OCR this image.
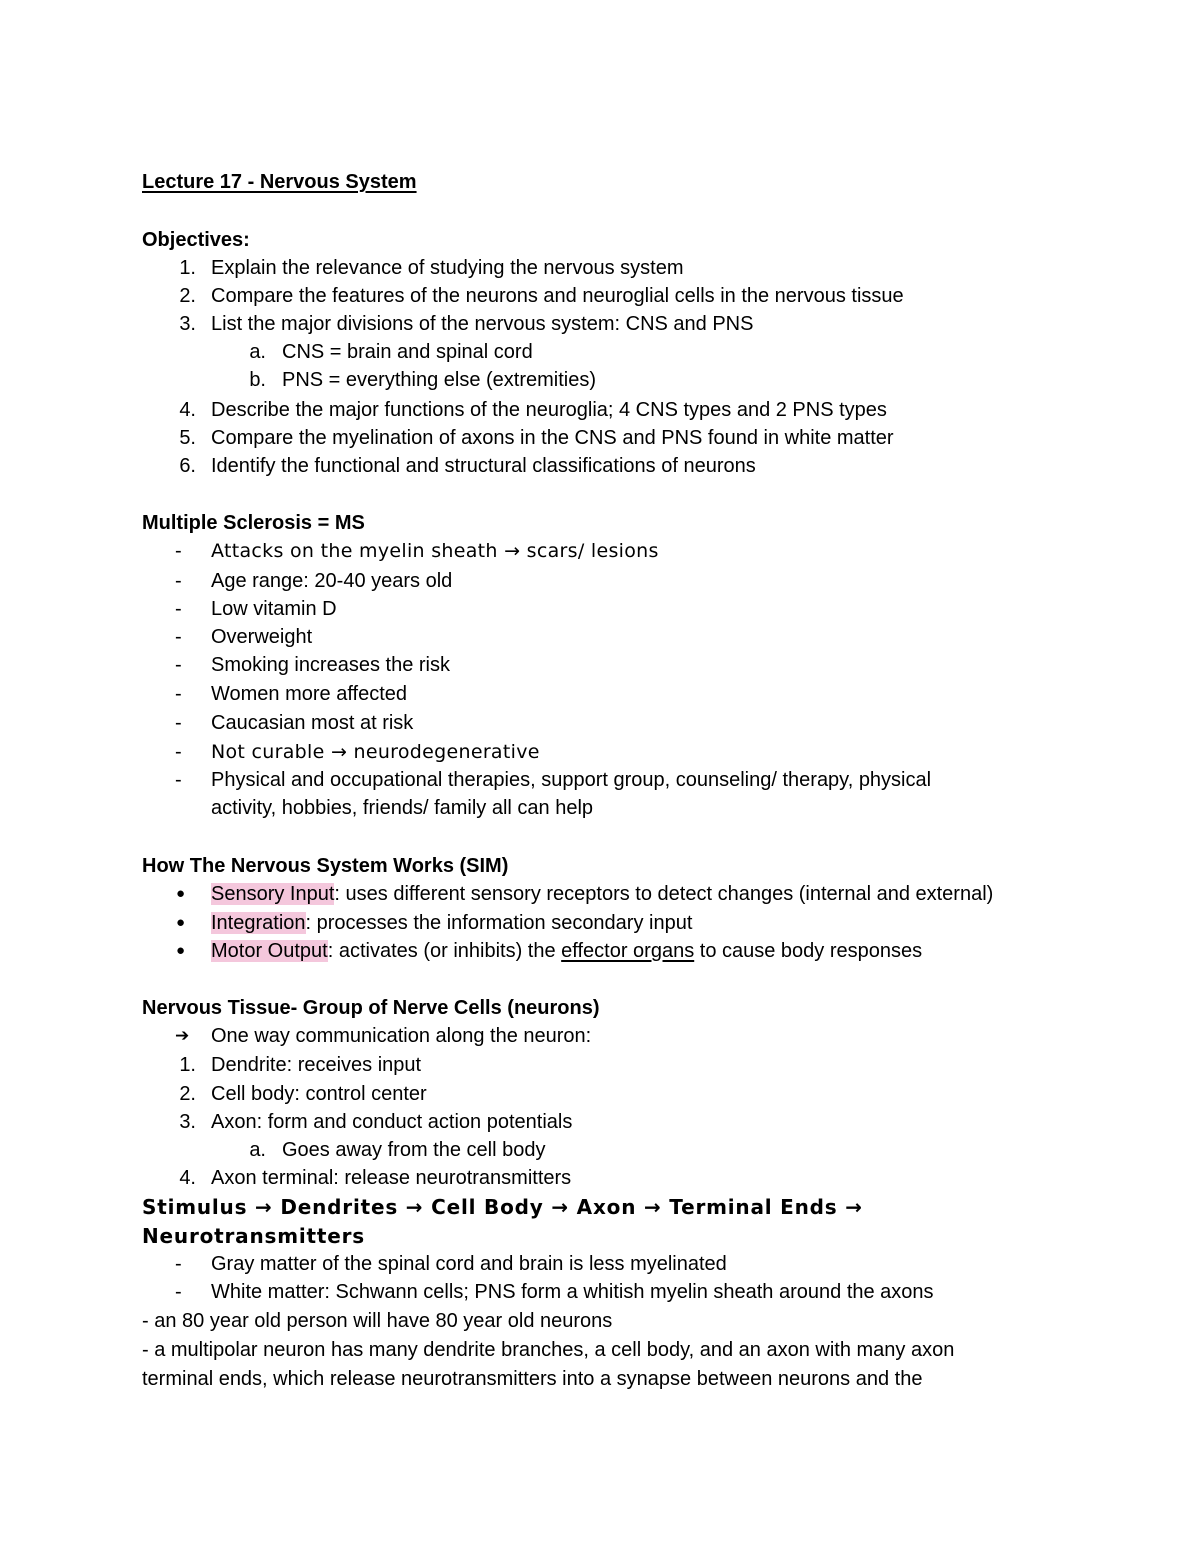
Lecture 17 - Nervous System
Objectives:
1. Explain the relevance of studying the nervous system
2. Compare the features of the neurons and neuroglial cells in the nervous tissue
3. List the major divisions of the nervous system: CNS and PNS
a. CNS = brain and spinal cord
b. PNS = everything else (extremities)
4. Describe the major functions of the neuroglia; 4 CNS types and 2 PNS types
5. Compare the myelination of axons in the CNS and PNS found in white matter
6. Identify the functional and structural classifications of neurons
Multiple Sclerosis = MS
- Attacks on the myelin sheath → scars/ lesions
- Age range: 20-40 years old
- Low vitamin D
- Overweight
- Smoking increases the risk
- Women more affected
- Caucasian most at risk
- Not curable → neurodegenerative
- Physical and occupational therapies, support group, counseling/ therapy, physical
activity, hobbies, friends/ family all can help
How The Nervous System Works (SIM)
● Sensory Input: uses different sensory receptors to detect changes (internal and external)
● Integration: processes the information secondary input
● Motor Output: activates (or inhibits) the effector organs to cause body responses
Nervous Tissue- Group of Nerve Cells (neurons)
➔ One way communication along the neuron:
1. Dendrite: receives input
2. Cell body: control center
3. Axon: form and conduct action potentials
a. Goes away from the cell body
4. Axon terminal: release neurotransmitters
Stimulus → Dendrites → Cell Body → Axon → Terminal Ends →
Neurotransmitters
- Gray matter of the spinal cord and brain is less myelinated
- White matter: Schwann cells; PNS form a whitish myelin sheath around the axons
- an 80 year old person will have 80 year old neurons
- a multipolar neuron has many dendrite branches, a cell body, and an axon with many axon
terminal ends, which release neurotransmitters into a synapse between neurons and the
